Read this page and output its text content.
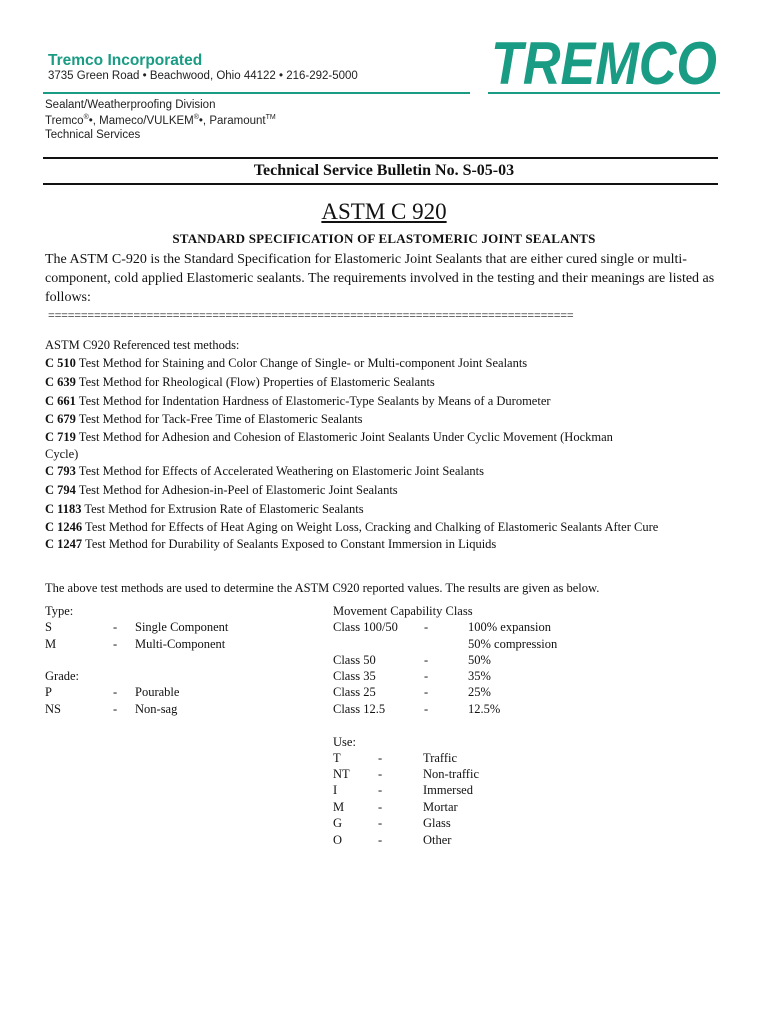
Tremco Incorporated
3735 Green Road • Beachwood, Ohio 44122 • 216-292-5000 TREMCO
Sealant/Weatherproofing Division
Tremco®•, Mameco/VULKEM®•, Paramount™
Technical Services
Technical Service Bulletin No. S-05-03
ASTM C 920
STANDARD SPECIFICATION OF ELASTOMERIC JOINT SEALANTS
The ASTM C-920 is the Standard Specification for Elastomeric Joint Sealants that are either cured single or multi-component, cold applied Elastomeric sealants. The requirements involved in the testing and their meanings are listed as follows:
================================================================================
ASTM C920 Referenced test methods:
C 510 Test Method for Staining and Color Change of Single- or Multi-component Joint Sealants
C 639 Test Method for Rheological (Flow) Properties of Elastomeric Sealants
C 661 Test Method for Indentation Hardness of Elastomeric-Type Sealants by Means of a Durometer
C 679 Test Method for Tack-Free Time of Elastomeric Sealants
C 719 Test Method for Adhesion and Cohesion of Elastomeric Joint Sealants Under Cyclic Movement (Hockman Cycle)
C 793 Test Method for Effects of Accelerated Weathering on Elastomeric Joint Sealants
C 794 Test Method for Adhesion-in-Peel of Elastomeric Joint Sealants
C 1183 Test Method for Extrusion Rate of Elastomeric Sealants
C 1246 Test Method for Effects of Heat Aging on Weight Loss, Cracking and Chalking of Elastomeric Sealants After Cure
C 1247 Test Method for Durability of Sealants Exposed to Constant Immersion in Liquids
The above test methods are used to determine the ASTM C920 reported values. The results are given as below.
Type:
S	- Single Component
M	- Multi-Component
Grade:
P	- Pourable
NS	- Non-sag
Movement Capability Class
Class 100/50 -	100% expansion
50% compression
Class 50	-	50%
Class 35	-	35%
Class 25	-	25%
Class 12.5	-	12.5%
Use:
T	-	Traffic
NT -	Non-traffic
I	-	Immersed
M	-	Mortar
G	-	Glass
O	-	Other
